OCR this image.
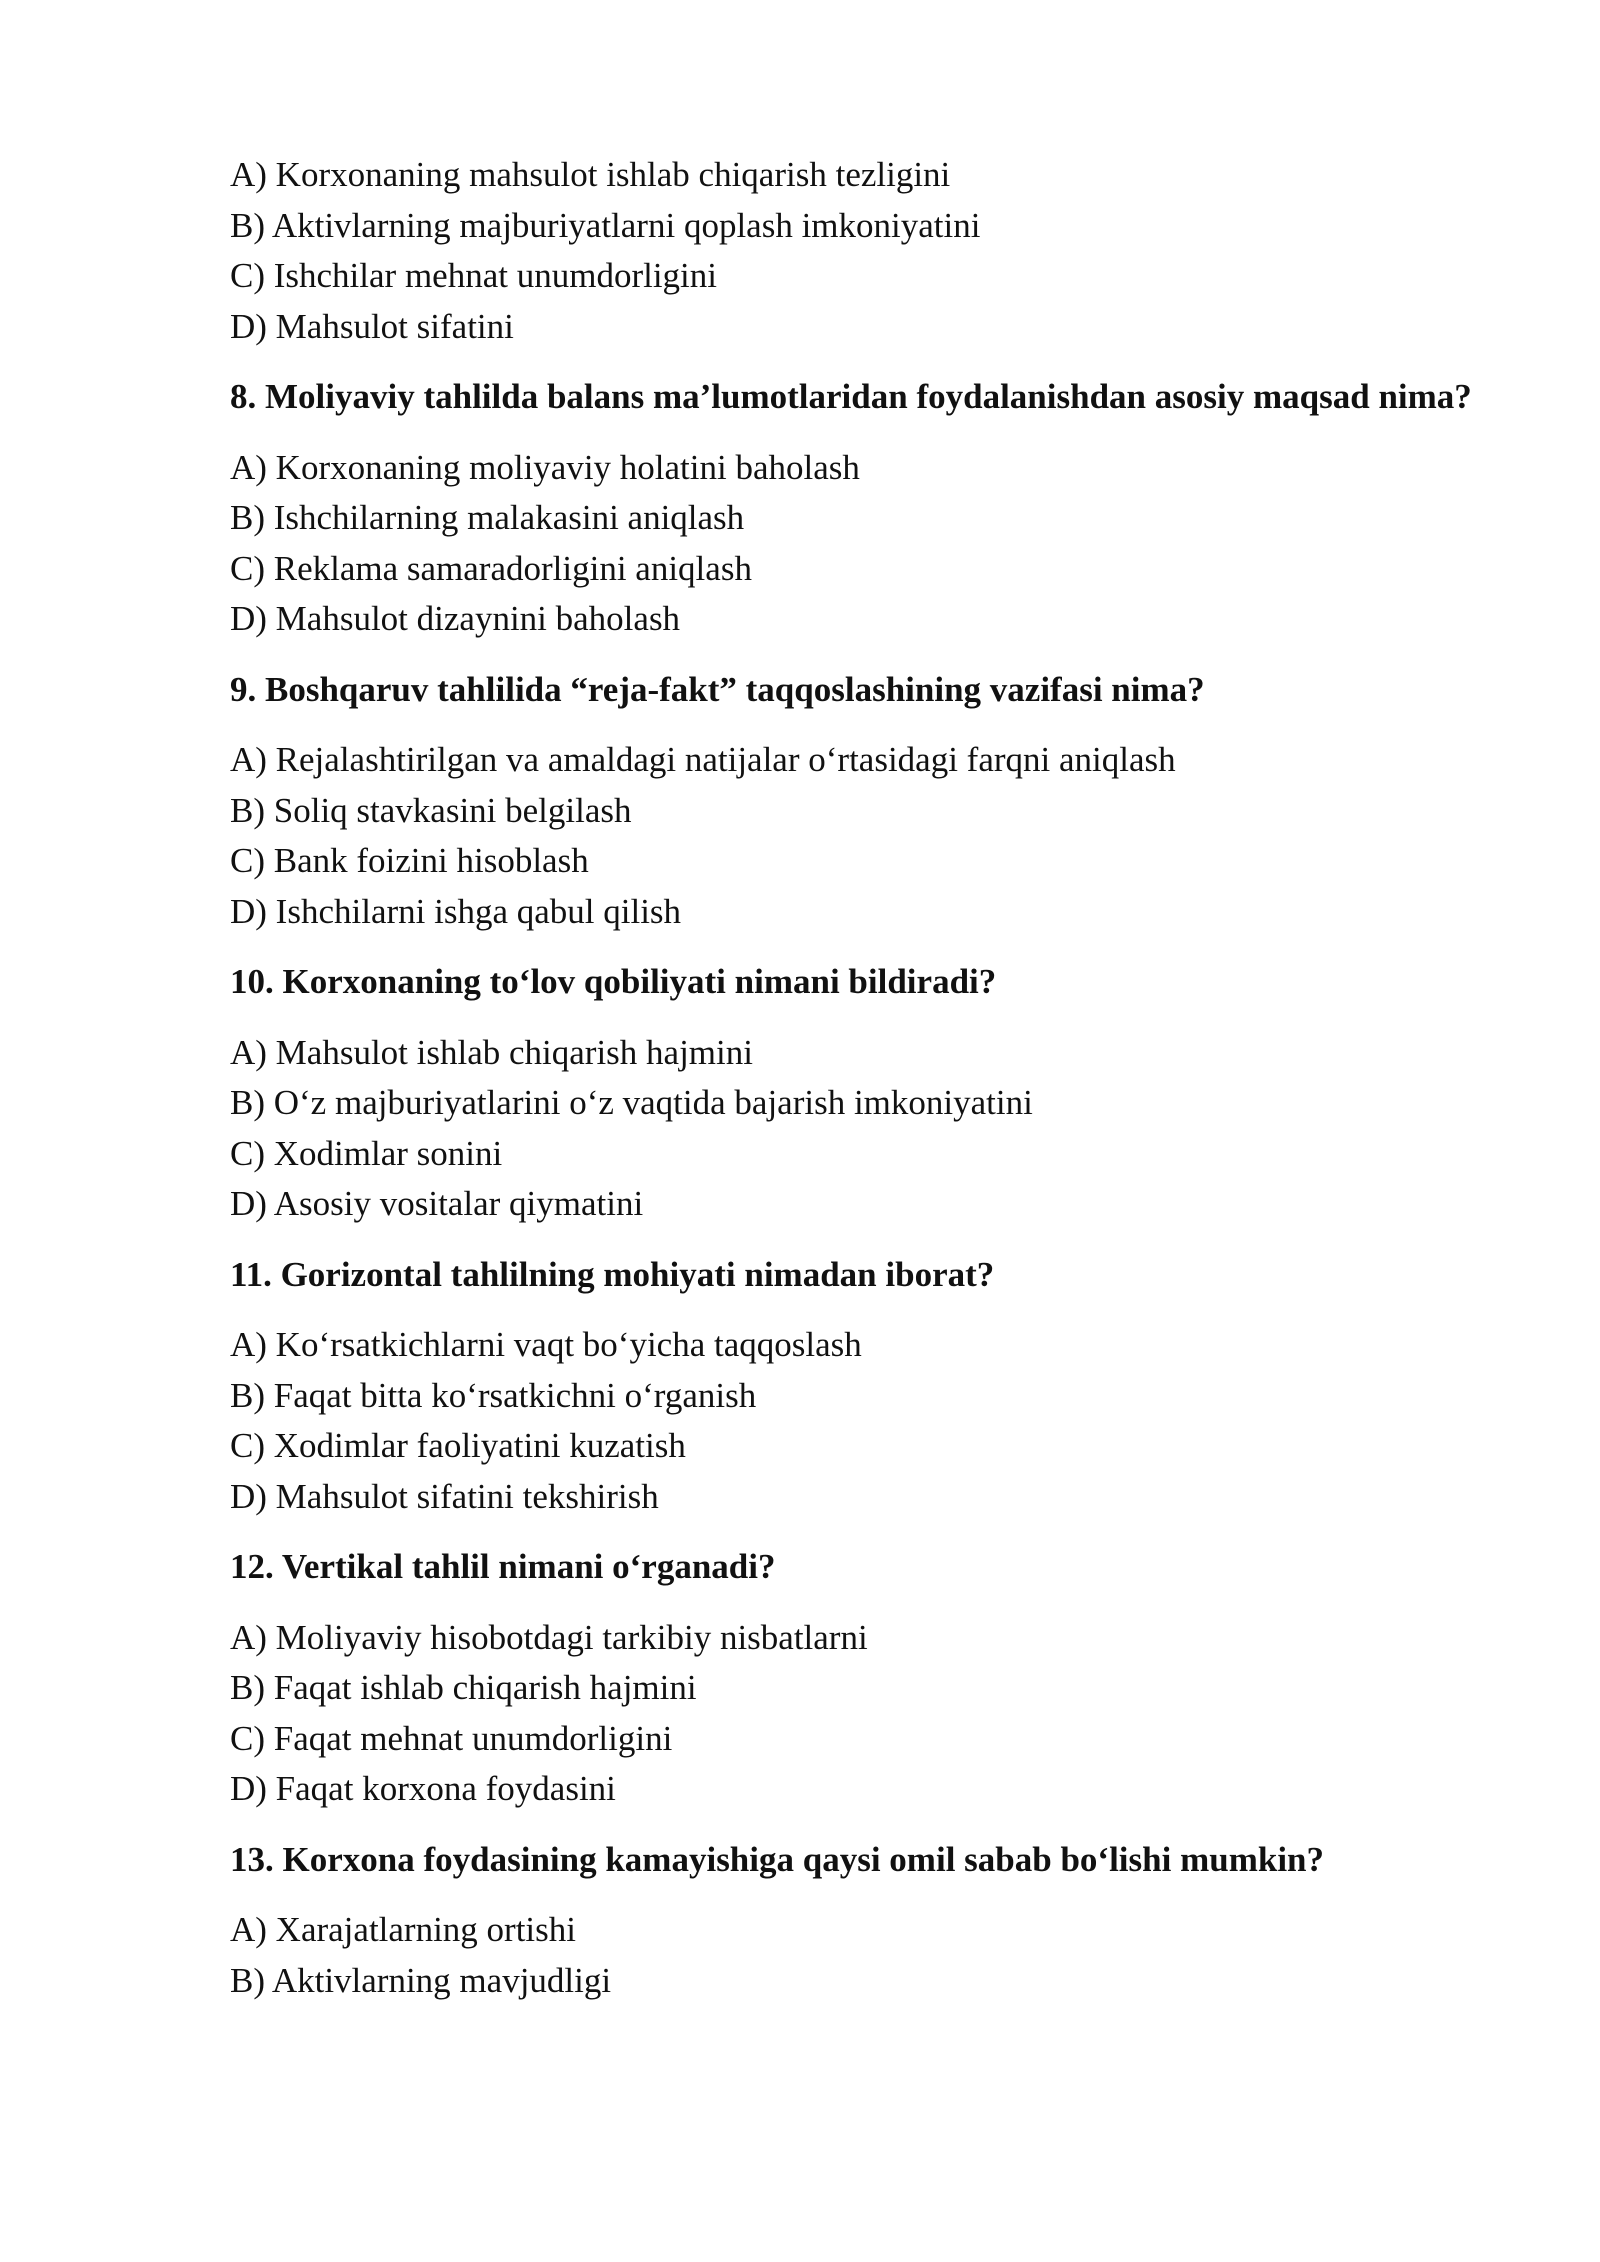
A) Korxonaning mahsulot ishlab chiqarish tezligini
B) Aktivlarning majburiyatlarni qoplash imkoniyatini
C) Ishchilar mehnat unumdorligini
D) Mahsulot sifatini
8. Moliyaviy tahlilda balans ma’lumotlaridan foydalanishdan asosiy maqsad nima?
A) Korxonaning moliyaviy holatini baholash
B) Ishchilarning malakasini aniqlash
C) Reklama samaradorligini aniqlash
D) Mahsulot dizaynini baholash
9. Boshqaruv tahlilida “reja-fakt” taqqoslashining vazifasi nima?
A) Rejalashtirilgan va amaldagi natijalar o‘rtasidagi farqni aniqlash
B) Soliq stavkasini belgilash
C) Bank foizini hisoblash
D) Ishchilarni ishga qabul qilish
10. Korxonaning to‘lov qobiliyati nimani bildiradi?
A) Mahsulot ishlab chiqarish hajmini
B) O‘z majburiyatlarini o‘z vaqtida bajarish imkoniyatini
C) Xodimlar sonini
D) Asosiy vositalar qiymatini
11. Gorizontal tahlilning mohiyati nimadan iborat?
A) Ko‘rsatkichlarni vaqt bo‘yicha taqqoslash
B) Faqat bitta ko‘rsatkichni o‘rganish
C) Xodimlar faoliyatini kuzatish
D) Mahsulot sifatini tekshirish
12. Vertikal tahlil nimani o‘rganadi?
A) Moliyaviy hisobotdagi tarkibiy nisbatlarni
B) Faqat ishlab chiqarish hajmini
C) Faqat mehnat unumdorligini
D) Faqat korxona foydasini
13. Korxona foydasining kamayishiga qaysi omil sabab bo‘lishi mumkin?
A) Xarajatlarning ortishi
B) Aktivlarning mavjudligi
